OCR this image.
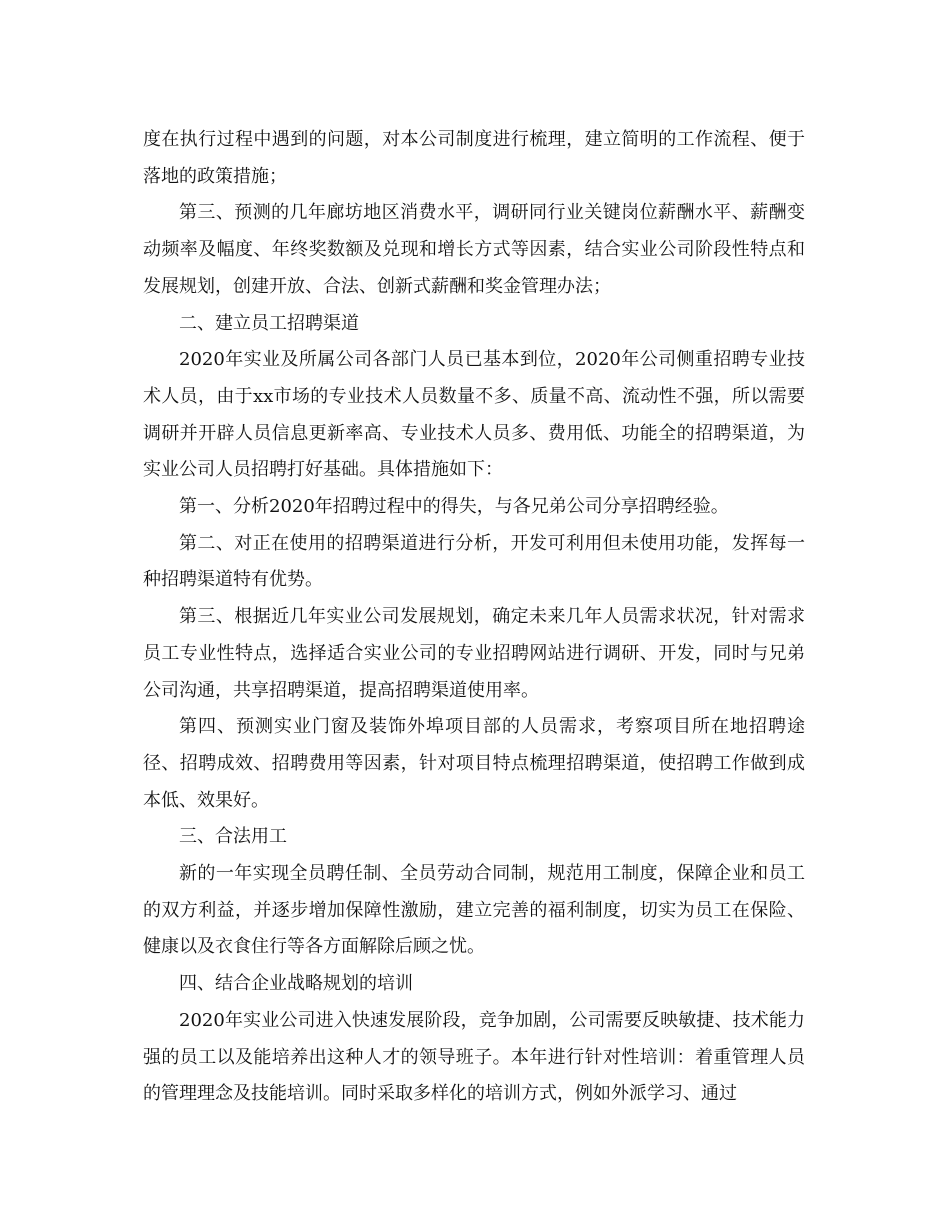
度在执行过程中遇到的问题，对本公司制度进行梳理，建立简明的工作流程、便于落地的政策措施；

第三、预测的几年廊坊地区消费水平，调研同行业关键岗位薪酬水平、薪酬变动频率及幅度、年终奖数额及兑现和增长方式等因素，结合实业公司阶段性特点和发展规划，创建开放、合法、创新式薪酬和奖金管理办法；

二、建立员工招聘渠道

2020年实业及所属公司各部门人员已基本到位，2020年公司侧重招聘专业技术人员，由于xx市场的专业技术人员数量不多、质量不高、流动性不强，所以需要调研并开辟人员信息更新率高、专业技术人员多、费用低、功能全的招聘渠道，为实业公司人员招聘打好基础。具体措施如下：

第一、分析2020年招聘过程中的得失，与各兄弟公司分享招聘经验。

第二、对正在使用的招聘渠道进行分析，开发可利用但未使用功能，发挥每一种招聘渠道特有优势。

第三、根据近几年实业公司发展规划，确定未来几年人员需求状况，针对需求员工专业性特点，选择适合实业公司的专业招聘网站进行调研、开发，同时与兄弟公司沟通，共享招聘渠道，提高招聘渠道使用率。

第四、预测实业门窗及装饰外埠项目部的人员需求，考察项目所在地招聘途径、招聘成效、招聘费用等因素，针对项目特点梳理招聘渠道，使招聘工作做到成本低、效果好。

三、合法用工

新的一年实现全员聘任制、全员劳动合同制，规范用工制度，保障企业和员工的双方利益，并逐步增加保障性激励，建立完善的福利制度，切实为员工在保险、健康以及衣食住行等各方面解除后顾之忧。

四、结合企业战略规划的培训

2020年实业公司进入快速发展阶段，竞争加剧，公司需要反映敏捷、技术能力强的员工以及能培养出这种人才的领导班子。本年进行针对性培训：着重管理人员的管理理念及技能培训。同时采取多样化的培训方式，例如外派学习、通过
